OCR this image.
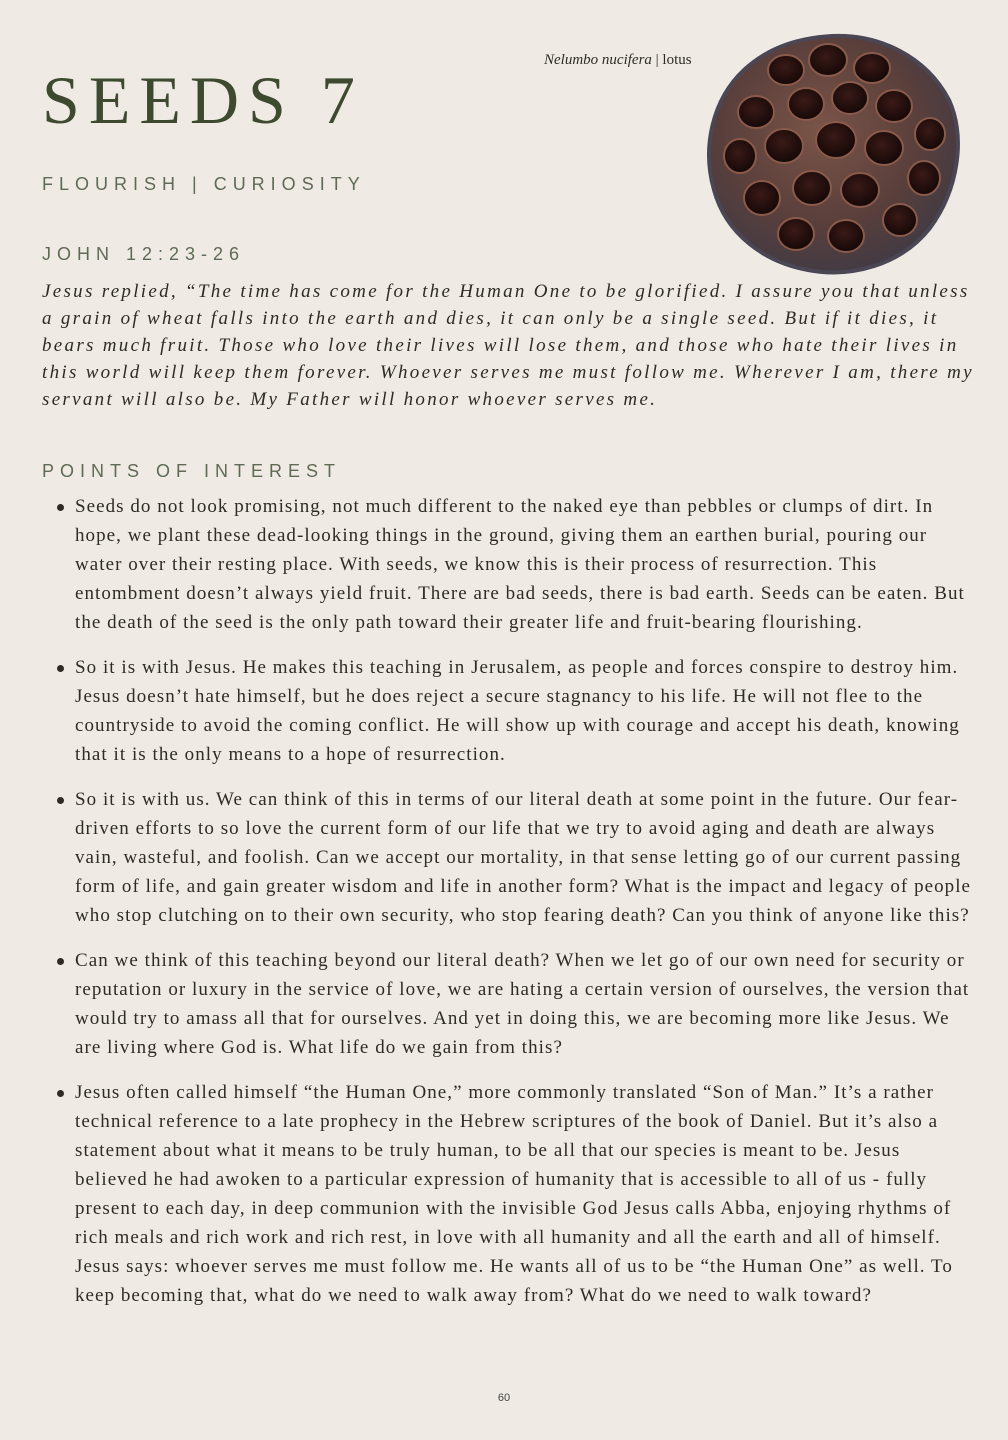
SEEDS 7
FLOURISH | CURIOSITY
Nelumbo nucifera | lotus
JOHN 12:23-26

Jesus replied, “The time has come for the Human One to be glorified. I assure you that unless a grain of wheat falls into the earth and dies, it can only be a single seed. But if it dies, it bears much fruit. Those who love their lives will lose them, and those who hate their lives in this world will keep them forever. Whoever serves me must follow me. Wherever I am, there my servant will also be. My Father will honor whoever serves me.

POINTS OF INTEREST
Seeds do not look promising, not much different to the naked eye than pebbles or clumps of dirt. In hope, we plant these dead-looking things in the ground, giving them an earthen burial, pouring our water over their resting place. With seeds, we know this is their process of resurrection. This entombment doesn’t always yield fruit. There are bad seeds, there is bad earth. Seeds can be eaten. But the death of the seed is the only path toward their greater life and fruit-bearing flourishing.
So it is with Jesus. He makes this teaching in Jerusalem, as people and forces conspire to destroy him. Jesus doesn’t hate himself, but he does reject a secure stagnancy to his life. He will not flee to the countryside to avoid the coming conflict. He will show up with courage and accept his death, knowing that it is the only means to a hope of resurrection.
So it is with us. We can think of this in terms of our literal death at some point in the future. Our fear-driven efforts to so love the current form of our life that we try to avoid aging and death are always vain, wasteful, and foolish. Can we accept our mortality, in that sense letting go of our current passing form of life, and gain greater wisdom and life in another form? What is the impact and legacy of people who stop clutching on to their own security, who stop fearing death? Can you think of anyone like this?
Can we think of this teaching beyond our literal death? When we let go of our own need for security or reputation or luxury in the service of love, we are hating a certain version of ourselves, the version that would try to amass all that for ourselves. And yet in doing this, we are becoming more like Jesus. We are living where God is. What life do we gain from this?
Jesus often called himself “the Human One,” more commonly translated “Son of Man.” It’s a rather technical reference to a late prophecy in the Hebrew scriptures of the book of Daniel. But it’s also a statement about what it means to be truly human, to be all that our species is meant to be. Jesus believed he had awoken to a particular expression of humanity that is accessible to all of us - fully present to each day, in deep communion with the invisible God Jesus calls Abba, enjoying rhythms of rich meals and rich work and rich rest, in love with all humanity and all the earth and all of himself. Jesus says: whoever serves me must follow me. He wants all of us to be “the Human One” as well. To keep becoming that, what do we need to walk away from? What do we need to walk toward?
60
